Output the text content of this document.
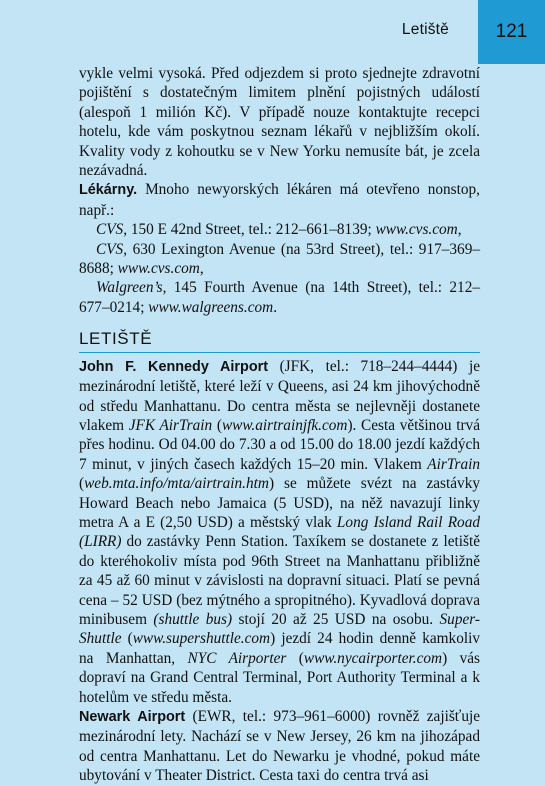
Letiště	121

vykle velmi vysoká. Před odjezdem si proto sjednejte zdravotní pojištění s dostatečným limitem plnění pojistných událostí (alespoň 1 milión Kč). V případě nouze kontaktujte recepci hotelu, kde vám poskytnou seznam lékařů v nejbližším okolí. Kvality vody z kohoutku se v New Yorku nemusíte bát, je zcela nezávadná.

Lékárny. Mnoho newyorských lékáren má otevřeno nonstop, např.:

CVS, 150 E 42nd Street, tel.: 212–661–8139; www.cvs.com,

CVS, 630 Lexington Avenue (na 53rd Street), tel.: 917–369–8688; www.cvs.com,

Walgreen’s, 145 Fourth Avenue (na 14th Street), tel.: 212–677–0214; www.walgreens.com.

LETIŠTĚ

John F. Kennedy Airport (JFK, tel.: 718–244–4444) je mezinárodní letiště, které leží v Queens, asi 24 km jihovýchodně od středu Manhattanu. Do centra města se nejlevněji dostanete vlakem JFK AirTrain (www.airtrainjfk.com). Cesta většinou trvá přes hodinu. Od 04.00 do 7.30 a od 15.00 do 18.00 jezdí každých 7 minut, v jiných časech každých 15–20 min. Vlakem AirTrain (web.mta.info/mta/airtrain.htm) se můžete svézt na zastávky Howard Beach nebo Jamaica (5 USD), na něž navazují linky metra A a E (2,50 USD) a městský vlak Long Island Rail Road (LIRR) do zastávky Penn Station. Taxíkem se dostanete z letiště do kteréhokoliv místa pod 96th Street na Manhattanu přibližně za 45 až 60 minut v závislosti na dopravní situaci. Platí se pevná cena – 52 USD (bez mýtného a spropitného). Kyvadlová doprava minibusem (shuttle bus) stojí 20 až 25 USD na osobu. Super-Shuttle (www.supershuttle.com) jezdí 24 hodin denně kamkoliv na Manhattan, NYC Airporter (www.nycairporter.com) vás dopraví na Grand Central Terminal, Port Authority Terminal a k hotelům ve středu města.

Newark Airport (EWR, tel.: 973–961–6000) rovněž zajišťuje mezinárodní lety. Nachází se v New Jersey, 26 km na jihozápad od centra Manhattanu. Let do Newarku je vhodné, pokud máte ubytování v Theater District. Cesta taxi do centra trvá asi
